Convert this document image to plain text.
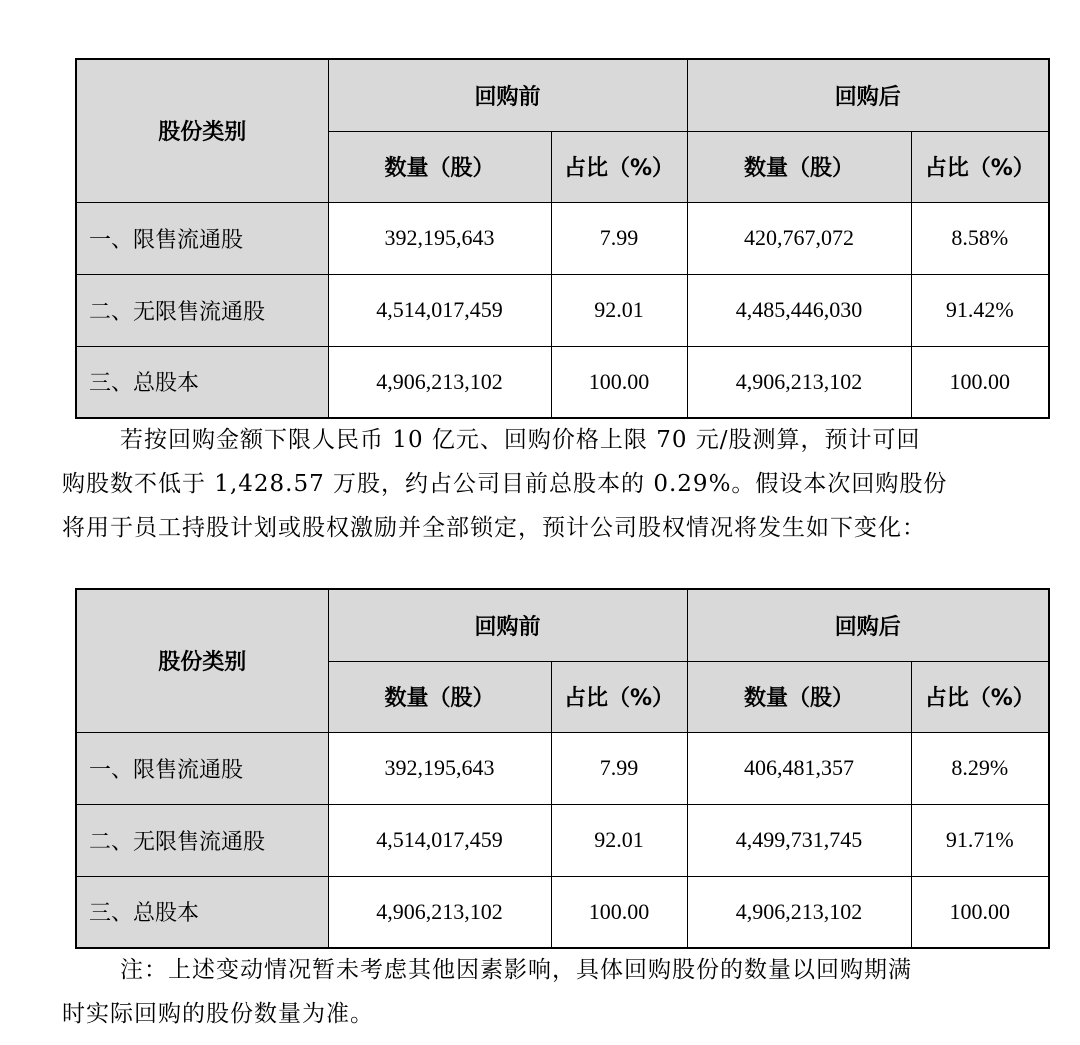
股份类别	回购前		回购后	
	数量（股）	占比（%）	数量（股）	占比（%）
一、限售流通股	392,195,643	7.99	420,767,072	8.58%
二、无限售流通股	4,514,017,459	92.01	4,485,446,030	91.42%
三、总股本	4,906,213,102	100.00	4,906,213,102	100.00

若按回购金额下限人民币 10 亿元、回购价格上限 70 元/股测算，预计可回

购股数不低于 1,428.57 万股，约占公司目前总股本的 0.29%。假设本次回购股份

将用于员工持股计划或股权激励并全部锁定，预计公司股权情况将发生如下变化：

股份类别	回购前		回购后	
	数量（股）	占比（%）	数量（股）	占比（%）
一、限售流通股	392,195,643	7.99	406,481,357	8.29%
二、无限售流通股	4,514,017,459	92.01	4,499,731,745	91.71%
三、总股本	4,906,213,102	100.00	4,906,213,102	100.00

注：上述变动情况暂未考虑其他因素影响，具体回购股份的数量以回购期满

时实际回购的股份数量为准。
